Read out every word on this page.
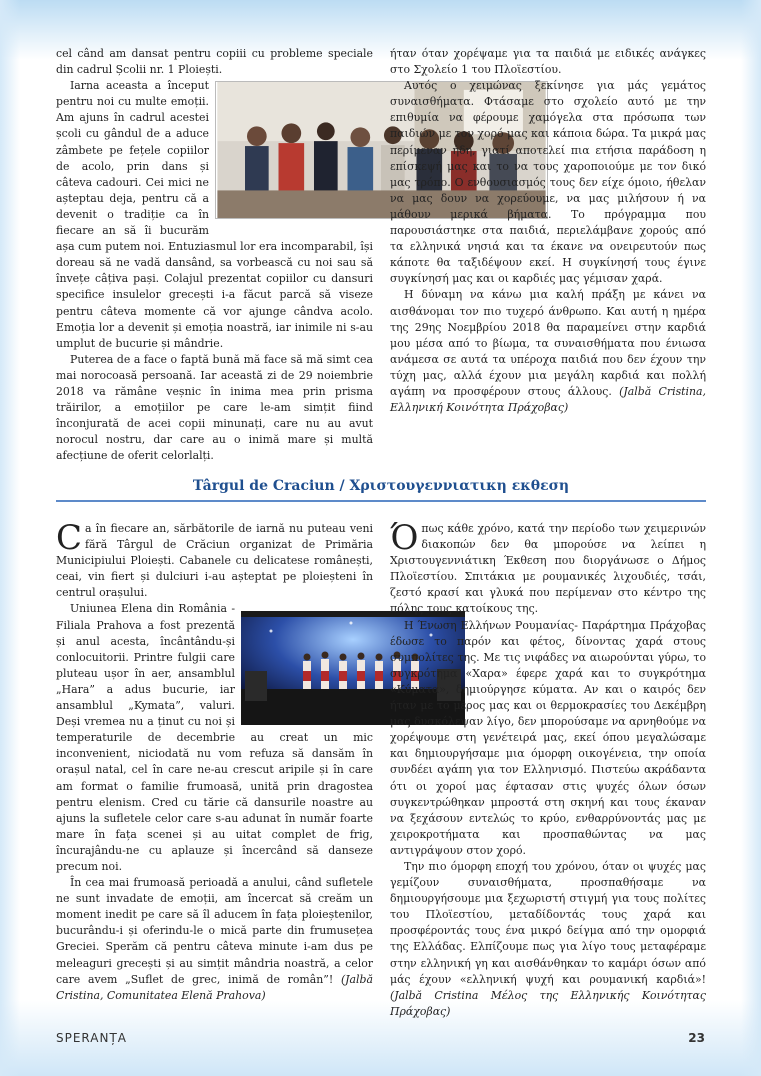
cel când am dansat pentru copiii cu probleme speciale din cadrul Școlii nr. 1 Ploiești.

Iarna aceasta a început pentru noi cu multe emoții. Am ajuns în cadrul acestei școli cu gândul de a aduce zâmbete pe fețele copiilor de acolo, prin dans și câteva cadouri. Cei mici ne așteptau deja, pentru că a devenit o tradiție ca în fiecare an să îi bucurăm așa cum putem noi. Entuziasmul lor era incomparabil, își doreau să ne vadă dansând, sa vorbească cu noi sau să învețe câțiva pași. Colajul prezentat copiilor cu dansuri specifice insulelor grecești i-a făcut parcă să viseze pentru câteva momente că vor ajunge cândva acolo. Emoția lor a devenit și emoția noastră, iar inimile ni s-au umplut de bucurie și mândrie.

Puterea de a face o faptă bună mă face să mă simt cea mai norocoasă persoană. Iar această zi de 29 noiembrie 2018 va rămâne veșnic în inima mea prin prisma trăirilor, a emoțiilor pe care le-am simțit fiind înconjurată de acei copii minunați, care nu au avut norocul nostru, dar care au o inimă mare și multă afecțiune de oferit celorlalți.

ήταν όταν χορέψαμε για τα παιδιά με ειδικές ανάγκες στο Σχολείο 1 του Πλοϊεστίου.

Αυτός ο χειμώνας ξεκίνησε για μάς γεμάτος συναισθήματα. Φτάσαμε στο σχολείο αυτό με την επιθυμία να φέρουμε χαμόγελα στα πρόσωπα των παιδιών με τον χορό μας και κάποια δώρα. Τα μικρά μας περίμεναν ήδη, γιατί αποτελεί πια ετήσια παράδοση η επίσκεψή μας και το να τους χαροποιούμε με τον δικό μας τρόπο. Ο ενθουσιασμός τους δεν είχε όμοιο, ήθελαν να μας δουν να χορεύουμε, να μας μιλήσουν ή να μάθουν μερικά βήματα. Το πρόγραμμα που παρουσιάστηκε στα παιδιά, περιελάμβανε χορούς από τα ελληνικά νησιά και τα έκανε να ονειρευτούν πως κάποτε θα ταξιδέψουν εκεί. Η συγκίνησή τους έγινε συγκίνησή μας και οι καρδιές μας γέμισαν χαρά.

Η δύναμη να κάνω μια καλή πράξη με κάνει να αισθάνομαι τον πιο τυχερό άνθρωπο. Και αυτή η ημέρα της 29ης Νοεμβρίου 2018 θα παραμείνει στην καρδιά μου μέσα από το βίωμα, τα συναισθήματα που ένιωσα ανάμεσα σε αυτά τα υπέροχα παιδιά που δεν έχουν την τύχη μας, αλλά έχουν μια μεγάλη καρδιά και πολλή αγάπη να προσφέρουν στους άλλους. (Jalbă Cristina, Ελληνική Κοινότητα Πράχοβας)

Târgul de Craciun / Χριστουγεννιατικη εκθεση

C a în fiecare an, sărbătorile de iarnă nu puteau veni fără Târgul de Crăciun organizat de Primăria Municipiului Ploiești. Cabanele cu delicatese românești, ceai, vin fiert și dulciuri i-au așteptat pe ploieșteni în centrul orașului.

Uniunea Elena din România - Filiala Prahova a fost prezentă și anul acesta, încântându-și conlocuitorii. Printre fulgii care pluteau ușor în aer, ansamblul „Hara” a adus bucurie, iar ansamblul „Kymata”, valuri. Deși vremea nu a ținut cu noi și temperaturile de decembrie au creat un mic inconvenient, niciodată nu vom refuza să dansăm în orașul natal, cel în care ne-au crescut aripile și în care am format o familie frumoasă, unită prin dragostea pentru elenism. Cred cu tărie că dansurile noastre au ajuns la sufletele celor care s-au adunat în număr foarte mare în fața scenei și au uitat complet de frig, încurajându-ne cu aplauze și încercând să danseze precum noi.

În cea mai frumoasă perioadă a anului, când sufletele ne sunt invadate de emoții, am încercat să creăm un moment inedit pe care să îl aducem în fața ploieștenilor, bucurându-i și oferindu-le o mică parte din frumusețea Greciei. Sperăm că pentru câteva minute i-am dus pe meleaguri grecești și au simțit mândria noastră, a celor care avem „Suflet de grec, inimă de român”! (Jalbă Cristina, Comunitatea Elenă Prahova)

Ό πως κάθε χρόνο, κατά την περίοδο των χειμερινών διακοπών δεν θα μπορούσε να λείπει η Χριστουγεννιάτικη Έκθεση που διοργάνωσε ο Δήμος Πλοϊεστίου. Σπιτάκια με ρουμανικές λιχουδιές, τσάι, ζεστό κρασί και γλυκά που περίμεναν στο κέντρο της πόλης τους κατοίκους της.

Η Ένωση Ελλήνων Ρουμανίας- Παράρτημα Πράχοβας έδωσε το παρόν και φέτος, δίνοντας χαρά στους συμπολίτες της. Με τις νιφάδες να αιωρούνται γύρω, το συγκρότημα «Χαρα» έφερε χαρά και το συγκρότημα «Κύματα», δημιούργησε κύματα. Αν και ο καιρός δεν ήταν με το μέρος μας και οι θερμοκρασίες του Δεκέμβρη μας δυσκόλεψαν λίγο, δεν μπορούσαμε να αρνηθούμε να χορέψουμε στη γενέτειρά μας, εκεί όπου μεγαλώσαμε και δημιουργήσαμε μια όμορφη οικογένεια, την οποία συνδέει αγάπη για τον Ελληνισμό. Πιστεύω ακράδαντα ότι οι χοροί μας έφτασαν στις ψυχές όλων όσων συγκεντρώθηκαν μπροστά στη σκηνή και τους έκαναν να ξεχάσουν εντελώς το κρύο, ενθαρρύνοντάς μας με χειροκροτήματα και προσπαθώντας να μας αντιγράψουν στον χορό.

Την πιο όμορφη εποχή του χρόνου, όταν οι ψυχές μας γεμίζουν συναισθήματα, προσπαθήσαμε να δημιουργήσουμε μια ξεχωριστή στιγμή για τους πολίτες του Πλοϊεστίου, μεταδίδοντάς τους χαρά και προσφέροντάς τους ένα μικρό δείγμα από την ομορφιά της Ελλάδας. Ελπίζουμε πως για λίγο τους μεταφέραμε στην ελληνική γη και αισθάνθηκαν το καμάρι όσων από μάς έχουν «ελληνική ψυχή και ρουμανική καρδιά»! (Jalbă Cristina Μέλος της Ελληνικής Κοινότητας Πράχοβας)

SPERANȚA	23
